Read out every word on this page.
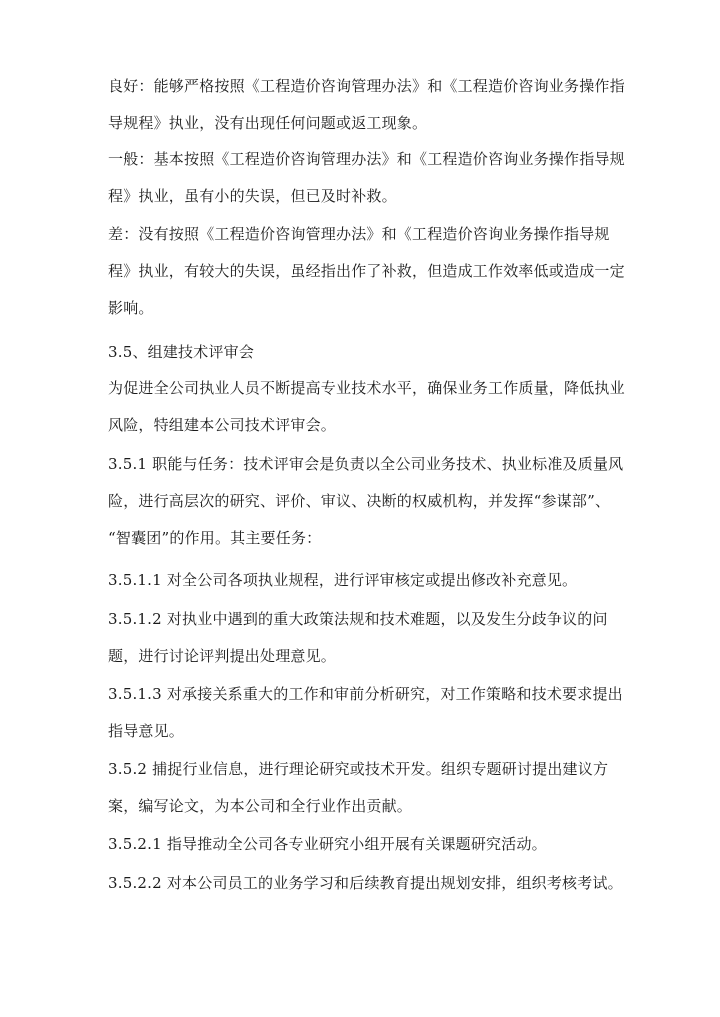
良好：能够严格按照《工程造价咨询管理办法》和《工程造价咨询业务操作指
导规程》执业，没有出现任何问题或返工现象。

一般：基本按照《工程造价咨询管理办法》和《工程造价咨询业务操作指导规
程》执业，虽有小的失误，但已及时补救。

差：没有按照《工程造价咨询管理办法》和《工程造价咨询业务操作指导规
程》执业，有较大的失误，虽经指出作了补救，但造成工作效率低或造成一定
影响。

3.5、组建技术评审会

为促进全公司执业人员不断提高专业技术水平，确保业务工作质量，降低执业
风险，特组建本公司技术评审会。

3.5.1 职能与任务：技术评审会是负责以全公司业务技术、执业标准及质量风
险，进行高层次的研究、评价、审议、决断的权威机构，并发挥“参谋部”、
“智囊团”的作用。其主要任务：

3.5.1.1 对全公司各项执业规程，进行评审核定或提出修改补充意见。

3.5.1.2 对执业中遇到的重大政策法规和技术难题，以及发生分歧争议的问
题，进行讨论评判提出处理意见。

3.5.1.3 对承接关系重大的工作和审前分析研究，对工作策略和技术要求提出
指导意见。

3.5.2 捕捉行业信息，进行理论研究或技术开发。组织专题研讨提出建议方
案，编写论文，为本公司和全行业作出贡献。

3.5.2.1 指导推动全公司各专业研究小组开展有关课题研究活动。

3.5.2.2 对本公司员工的业务学习和后续教育提出规划安排，组织考核考试。
